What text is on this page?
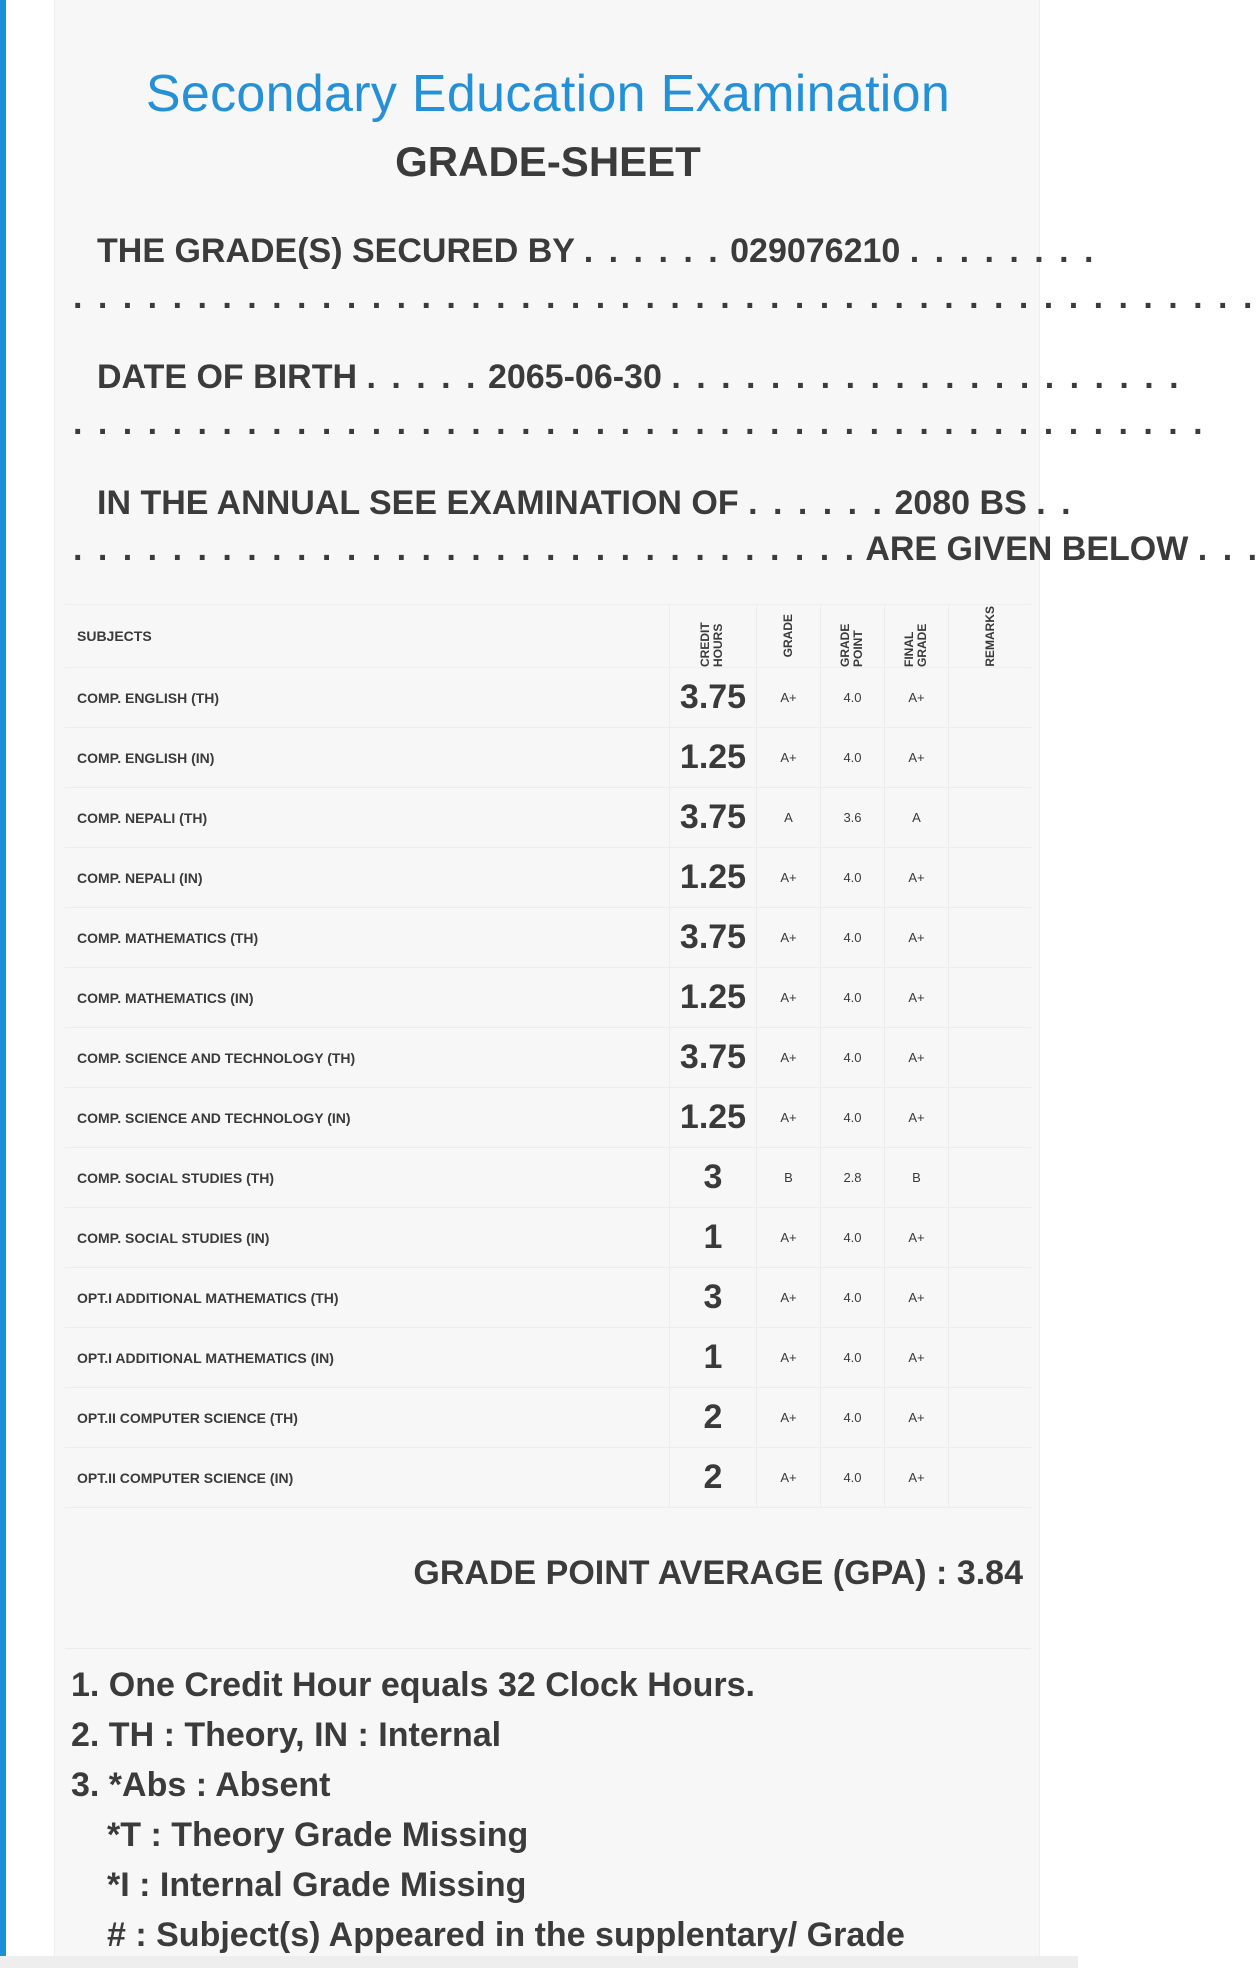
Secondary Education Examination
GRADE-SHEET
THE GRADE(S) SECURED BY . . . . . . 029076210 . . . . . . . .
. . . . . . . . . . . . . . . . . . . . . . . . . . . . . . . . . . . . . . . . . . . . . . . .
DATE OF BIRTH . . . . . 2065-06-30 . . . . . . . . . . . . . . . . . . . . .
. . . . . . . . . . . . . . . . . . . . . . . . . . . . . . . . . . . . . . . . . . . . . .
IN THE ANNUAL SEE EXAMINATION OF . . . . . . 2080 BS . .
. . . . . . . . . . . . . . . . . . . . . . . . . . . . . . . . ARE GIVEN BELOW . . .
SUBJECTS	CREDIT HOURS	GRADE	GRADE POINT	FINAL GRADE	REMARKS
COMP. ENGLISH (TH)	3.75	A+	4.0	A+
COMP. ENGLISH (IN)	1.25	A+	4.0	A+
COMP. NEPALI (TH)	3.75	A	3.6	A
COMP. NEPALI (IN)	1.25	A+	4.0	A+
COMP. MATHEMATICS (TH)	3.75	A+	4.0	A+
COMP. MATHEMATICS (IN)	1.25	A+	4.0	A+
COMP. SCIENCE AND TECHNOLOGY (TH)	3.75	A+	4.0	A+
COMP. SCIENCE AND TECHNOLOGY (IN)	1.25	A+	4.0	A+
COMP. SOCIAL STUDIES (TH)	3	B	2.8	B
COMP. SOCIAL STUDIES (IN)	1	A+	4.0	A+
OPT.I ADDITIONAL MATHEMATICS (TH)	3	A+	4.0	A+
OPT.I ADDITIONAL MATHEMATICS (IN)	1	A+	4.0	A+
OPT.II COMPUTER SCIENCE (TH)	2	A+	4.0	A+
OPT.II COMPUTER SCIENCE (IN)	2	A+	4.0	A+
GRADE POINT AVERAGE (GPA) : 3.84
1. One Credit Hour equals 32 Clock Hours.
2. TH : Theory, IN : Internal
3. *Abs : Absent
*T : Theory Grade Missing
*I : Internal Grade Missing
# : Subject(s) Appeared in the supplentary/ Grade
